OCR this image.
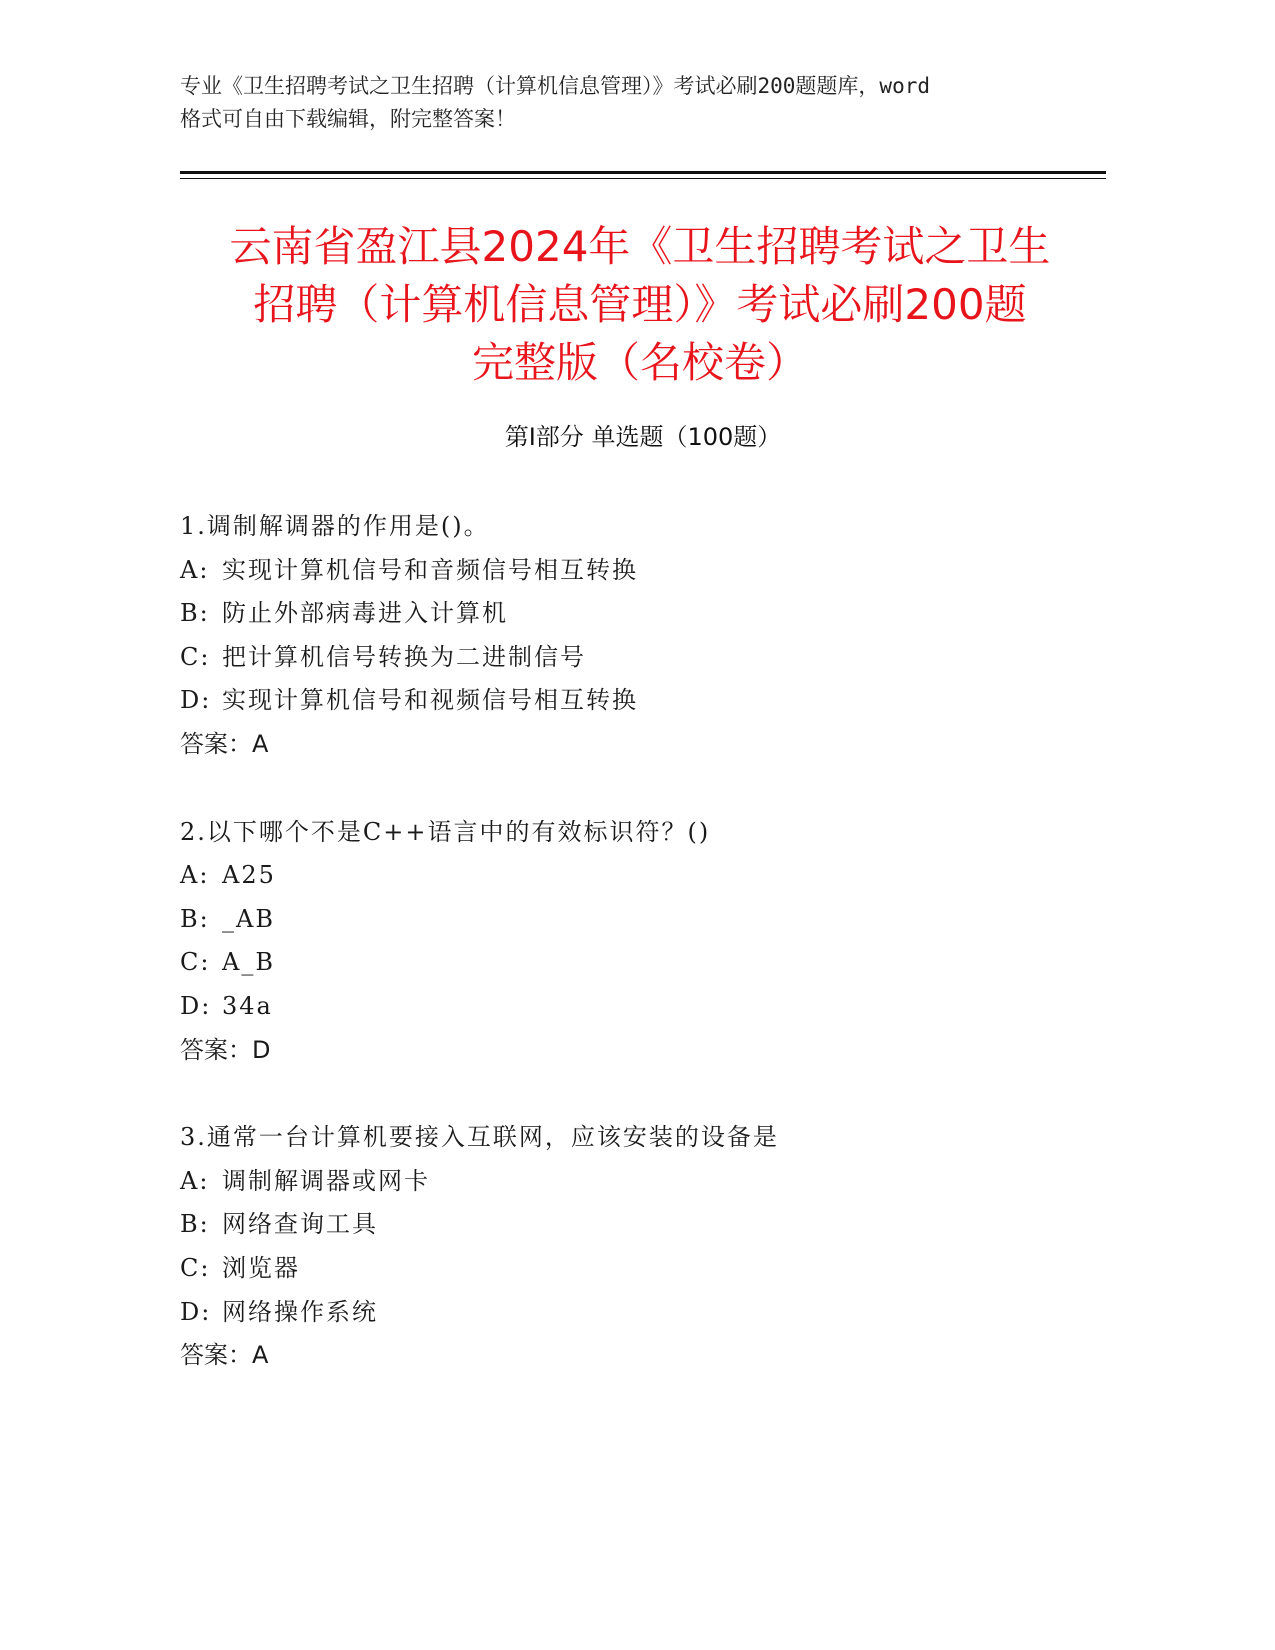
专业《卫生招聘考试之卫生招聘（计算机信息管理）》考试必刷200题题库，word
格式可自由下载编辑，附完整答案！
云南省盈江县2024年《卫生招聘考试之卫生
招聘（计算机信息管理）》考试必刷200题
完整版（名校卷）
第Ⅰ部分 单选题（100题）
1.调制解调器的作用是()。
A: 实现计算机信号和音频信号相互转换
B: 防止外部病毒进入计算机
C: 把计算机信号转换为二进制信号
D: 实现计算机信号和视频信号相互转换
答案：A
2.以下哪个不是C++语言中的有效标识符？()
A: A25
B: _AB
C: A_B
D: 34a
答案：D
3.通常一台计算机要接入互联网，应该安装的设备是
A: 调制解调器或网卡
B: 网络查询工具
C: 浏览器
D: 网络操作系统
答案：A
